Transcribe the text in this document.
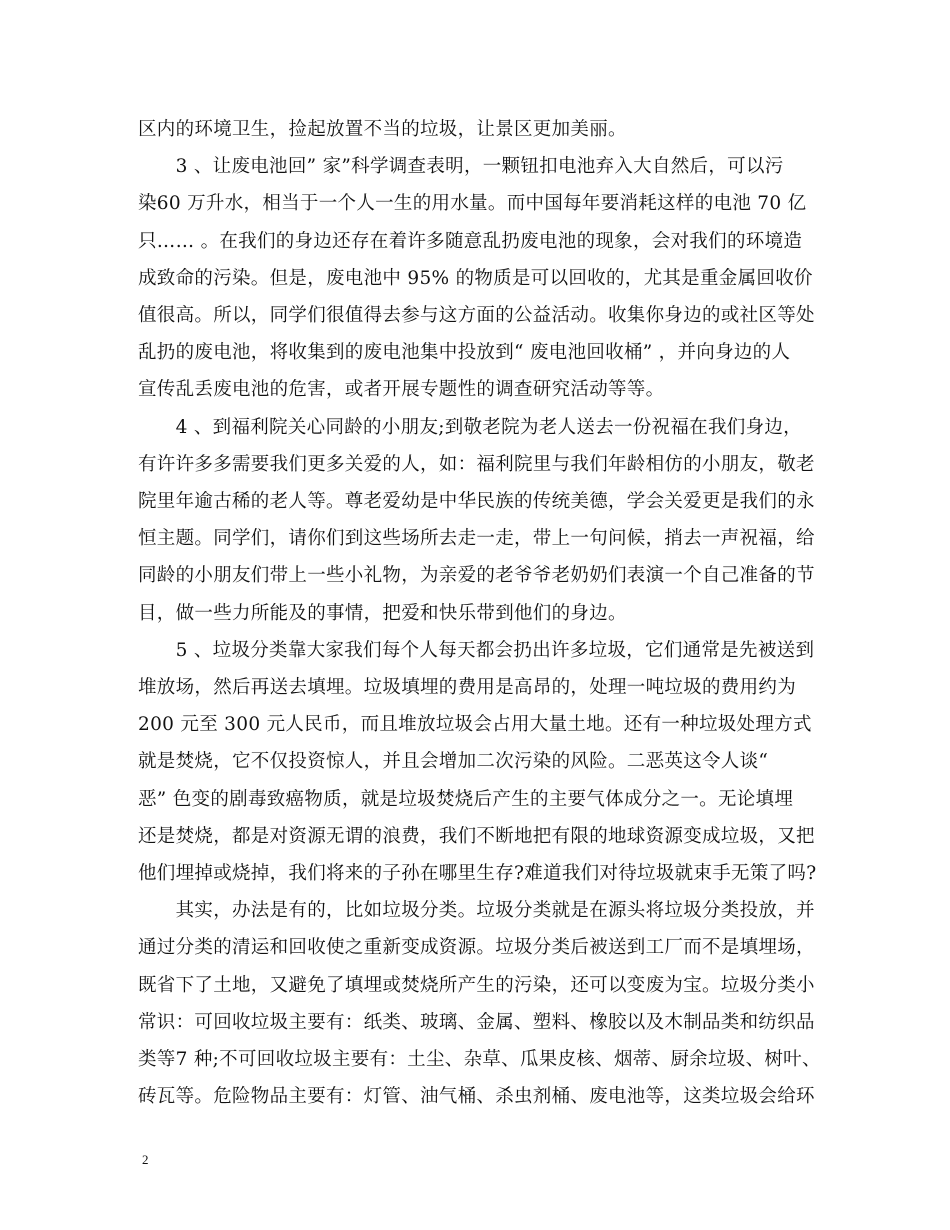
区内的环境卫生，捡起放置不当的垃圾，让景区更加美丽。
　　3 、让废电池回” 家”科学调查表明，一颗钮扣电池弃入大自然后，可以污
染60 万升水，相当于一个人一生的用水量。而中国每年要消耗这样的电池 70 亿
只…… 。在我们的身边还存在着许多随意乱扔废电池的现象，会对我们的环境造
成致命的污染。但是，废电池中 95% 的物质是可以回收的，尤其是重金属回收价
值很高。所以，同学们很值得去参与这方面的公益活动。收集你身边的或社区等处
乱扔的废电池，将收集到的废电池集中投放到“ 废电池回收桶” ，并向身边的人
宣传乱丢废电池的危害，或者开展专题性的调查研究活动等等。
　　4 、到福利院关心同龄的小朋友;到敬老院为老人送去一份祝福在我们身边，
有许许多多需要我们更多关爱的人，如：福利院里与我们年龄相仿的小朋友，敬老
院里年逾古稀的老人等。尊老爱幼是中华民族的传统美德，学会关爱更是我们的永
恒主题。同学们，请你们到这些场所去走一走，带上一句问候，捎去一声祝福，给
同龄的小朋友们带上一些小礼物，为亲爱的老爷爷老奶奶们表演一个自己准备的节
目，做一些力所能及的事情，把爱和快乐带到他们的身边。
　　5 、垃圾分类靠大家我们每个人每天都会扔出许多垃圾，它们通常是先被送到
堆放场，然后再送去填埋。垃圾填埋的费用是高昂的，处理一吨垃圾的费用约为
200 元至 300 元人民币，而且堆放垃圾会占用大量土地。还有一种垃圾处理方式
就是焚烧，它不仅投资惊人，并且会增加二次污染的风险。二恶英这令人谈“
恶” 色变的剧毒致癌物质，就是垃圾焚烧后产生的主要气体成分之一。无论填埋
还是焚烧，都是对资源无谓的浪费，我们不断地把有限的地球资源变成垃圾，又把
他们埋掉或烧掉，我们将来的子孙在哪里生存?难道我们对待垃圾就束手无策了吗?
　　其实，办法是有的，比如垃圾分类。垃圾分类就是在源头将垃圾分类投放，并
通过分类的清运和回收使之重新变成资源。垃圾分类后被送到工厂而不是填埋场，
既省下了土地，又避免了填埋或焚烧所产生的污染，还可以变废为宝。垃圾分类小
常识：可回收垃圾主要有：纸类、玻璃、金属、塑料、橡胶以及木制品类和纺织品
类等7 种;不可回收垃圾主要有：土尘、杂草、瓜果皮核、烟蒂、厨余垃圾、树叶、
砖瓦等。危险物品主要有：灯管、油气桶、杀虫剂桶、废电池等，这类垃圾会给环
2
